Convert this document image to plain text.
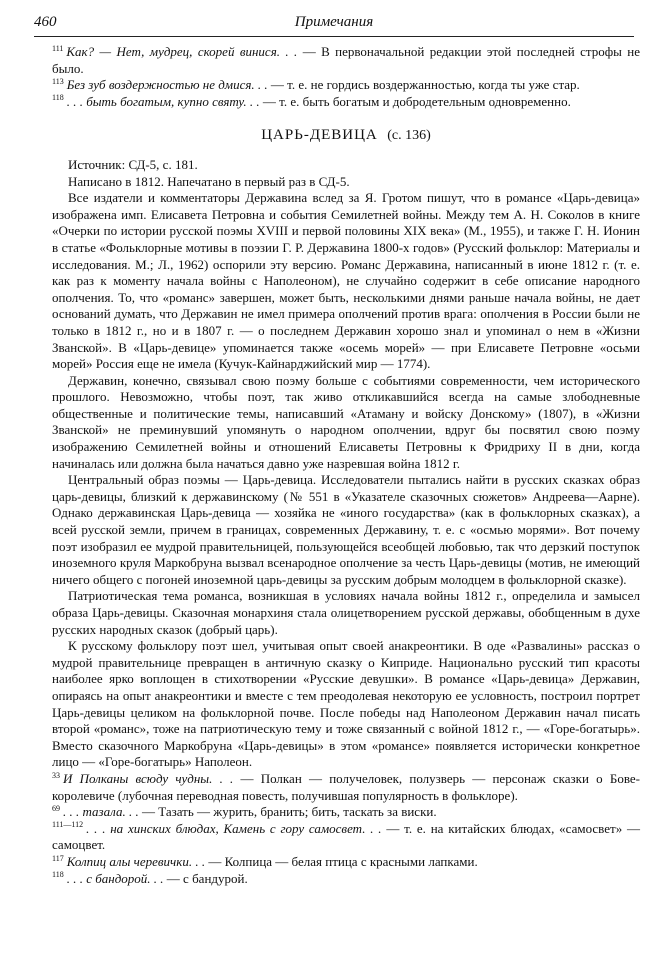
460	Примечания

$^{111}$ Как? — Нет, мудрец, скорей винися. . . — В первоначальной редакции этой последней строфы не было.

$^{113}$ Без зуб воздержностью не дмися. . . — т. е. не гордись воздержанностью, когда ты уже стар.

$^{118}$ . . . быть богатым, купно святу. . . — т. е. быть богатым и добродетельным одновременно.

ЦАРЬ-ДЕВИЦА (с. 136)

Источник: СД-5, с. 181.

Написано в 1812. Напечатано в первый раз в СД-5.

Все издатели и комментаторы Державина вслед за Я. Гротом пишут, что в романсе «Царь-девица» изображена имп. Елисавета Петровна и события Семилетней войны. Между тем А. Н. Соколов в книге «Очерки по истории русской поэмы XVIII и первой половины XIX века» (М., 1955), и также Г. Н. Ионин в статье «Фольклорные мотивы в поэзии Г. Р. Державина 1800-х годов» (Русский фольклор: Материалы и исследования. М.; Л., 1962) оспорили эту версию. Романс Державина, написанный в июне 1812 г. (т. е. как раз к моменту начала войны с Наполеоном), не случайно содержит в себе описание народного ополчения. То, что «романс» завершен, может быть, несколькими днями раньше начала войны, не дает оснований думать, что Державин не имел примера ополчений против врага: ополчения в России были не только в 1812 г., но и в 1807 г. — о последнем Державин хорошо знал и упоминал о нем в «Жизни Званской». В «Царь-девице» упоминается также «осемь морей» — при Елисавете Петровне «осьми морей» Россия еще не имела (Кучук-Кайнарджийский мир — 1774).

Державин, конечно, связывал свою поэму больше с событиями современности, чем исторического прошлого. Невозможно, чтобы поэт, так живо откликавшийся всегда на самые злободневные общественные и политические темы, написавший «Атаману и войску Донскому» (1807), в «Жизни Званской» не преминувший упомянуть о народном ополчении, вдруг бы посвятил свою поэму изображению Семилетней войны и отношений Елисаветы Петровны к Фридриху II в дни, когда начиналась или должна была начаться давно уже назревшая война 1812 г.

Центральный образ поэмы — Царь-девица. Исследователи пытались найти в русских сказках образ царь-девицы, близкий к державинскому (№ 551 в «Указателе сказочных сюжетов» Андреева—Аарне). Однако державинская Царь-девица — хозяйка не «иного государства» (как в фольклорных сказках), а всей русской земли, причем в границах, современных Державину, т. е. с «осмью морями». Вот почему поэт изобразил ее мудрой правительницей, пользующейся всеобщей любовью, так что дерзкий поступок иноземного круля Маркобруна вызвал всенародное ополчение за честь Царь-девицы (мотив, не имеющий ничего общего с погоней иноземной царь-девицы за русским добрым молодцем в фольклорной сказке).

Патриотическая тема романса, возникшая в условиях начала войны 1812 г., определила и замысел образа Царь-девицы. Сказочная монархиня стала олицетворением русской державы, обобщенным в духе русских народных сказок (добрый царь).

К русскому фольклору поэт шел, учитывая опыт своей анакреонтики. В оде «Развалины» рассказ о мудрой правительнице превращен в античную сказку о Киприде. Национально русский тип красоты наиболее ярко воплощен в стихотворении «Русские девушки». В романсе «Царь-девица» Державин, опираясь на опыт анакреонтики и вместе с тем преодолевая некоторую ее условность, построил портрет Царь-девицы целиком на фольклорной почве. После победы над Наполеоном Державин начал писать второй «романс», тоже на патриотическую тему и тоже связанный с войной 1812 г., — «Горе-богатырь». Вместо сказочного Маркобруна «Царь-девицы» в этом «романсе» появляется исторически конкретное лицо — «Горе-богатырь» Наполеон.

$^{33}$ И Полканы всюду чудны. . . — Полкан — получеловек, полузверь — персонаж сказки о Бове-королевиче (лубочная переводная повесть, получившая популярность в фольклоре).

$^{69}$ . . . тазала. . . — Тазать — журить, бранить; бить, таскать за виски.

$^{111—112}$ . . . на хинских блюдах, Камень с гору самосвет. . . — т. е. на китайских блюдах, «самосвет» — самоцвет.

$^{117}$ Колпиц алы черевички. . . — Колпица — белая птица с красными лапками.

$^{118}$ . . . с бандорой. . . — с бандурой.
